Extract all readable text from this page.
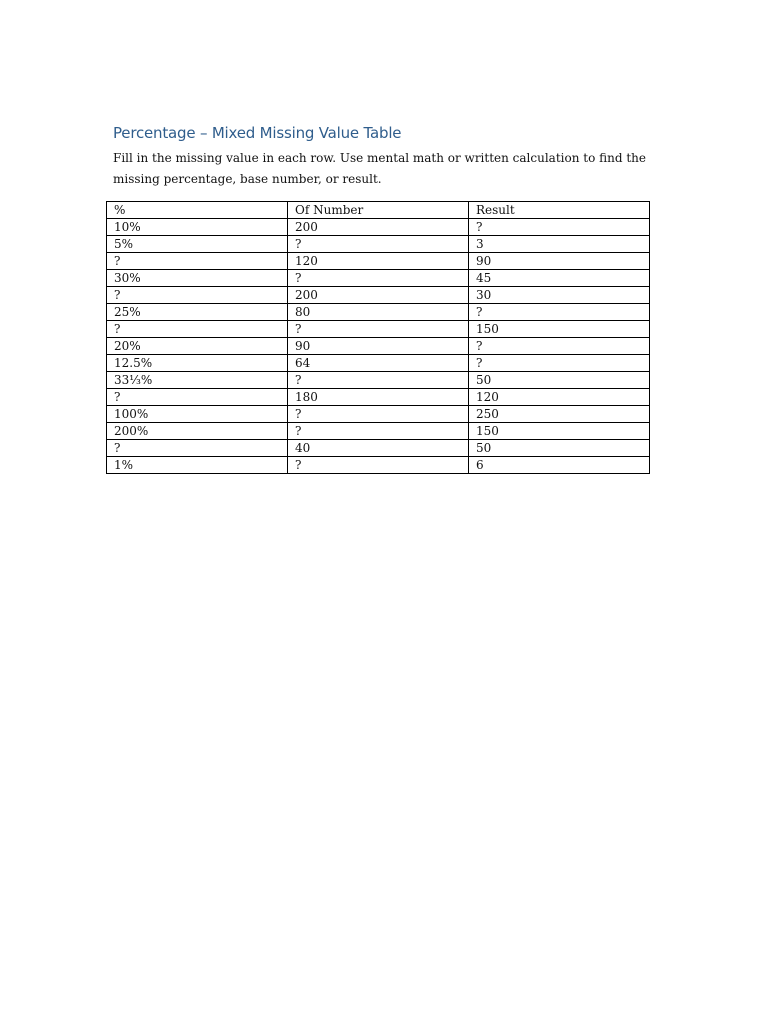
Percentage – Mixed Missing Value Table

Fill in the missing value in each row. Use mental math or written calculation to find the missing percentage, base number, or result.

%	Of Number	Result
10%	200	?
5%	?	3
?	120	90
30%	?	45
?	200	30
25%	80	?
?	?	150
20%	90	?
12.5%	64	?
33⅓%	?	50
?	180	120
100%	?	250
200%	?	150
?	40	50
1%	?	6
